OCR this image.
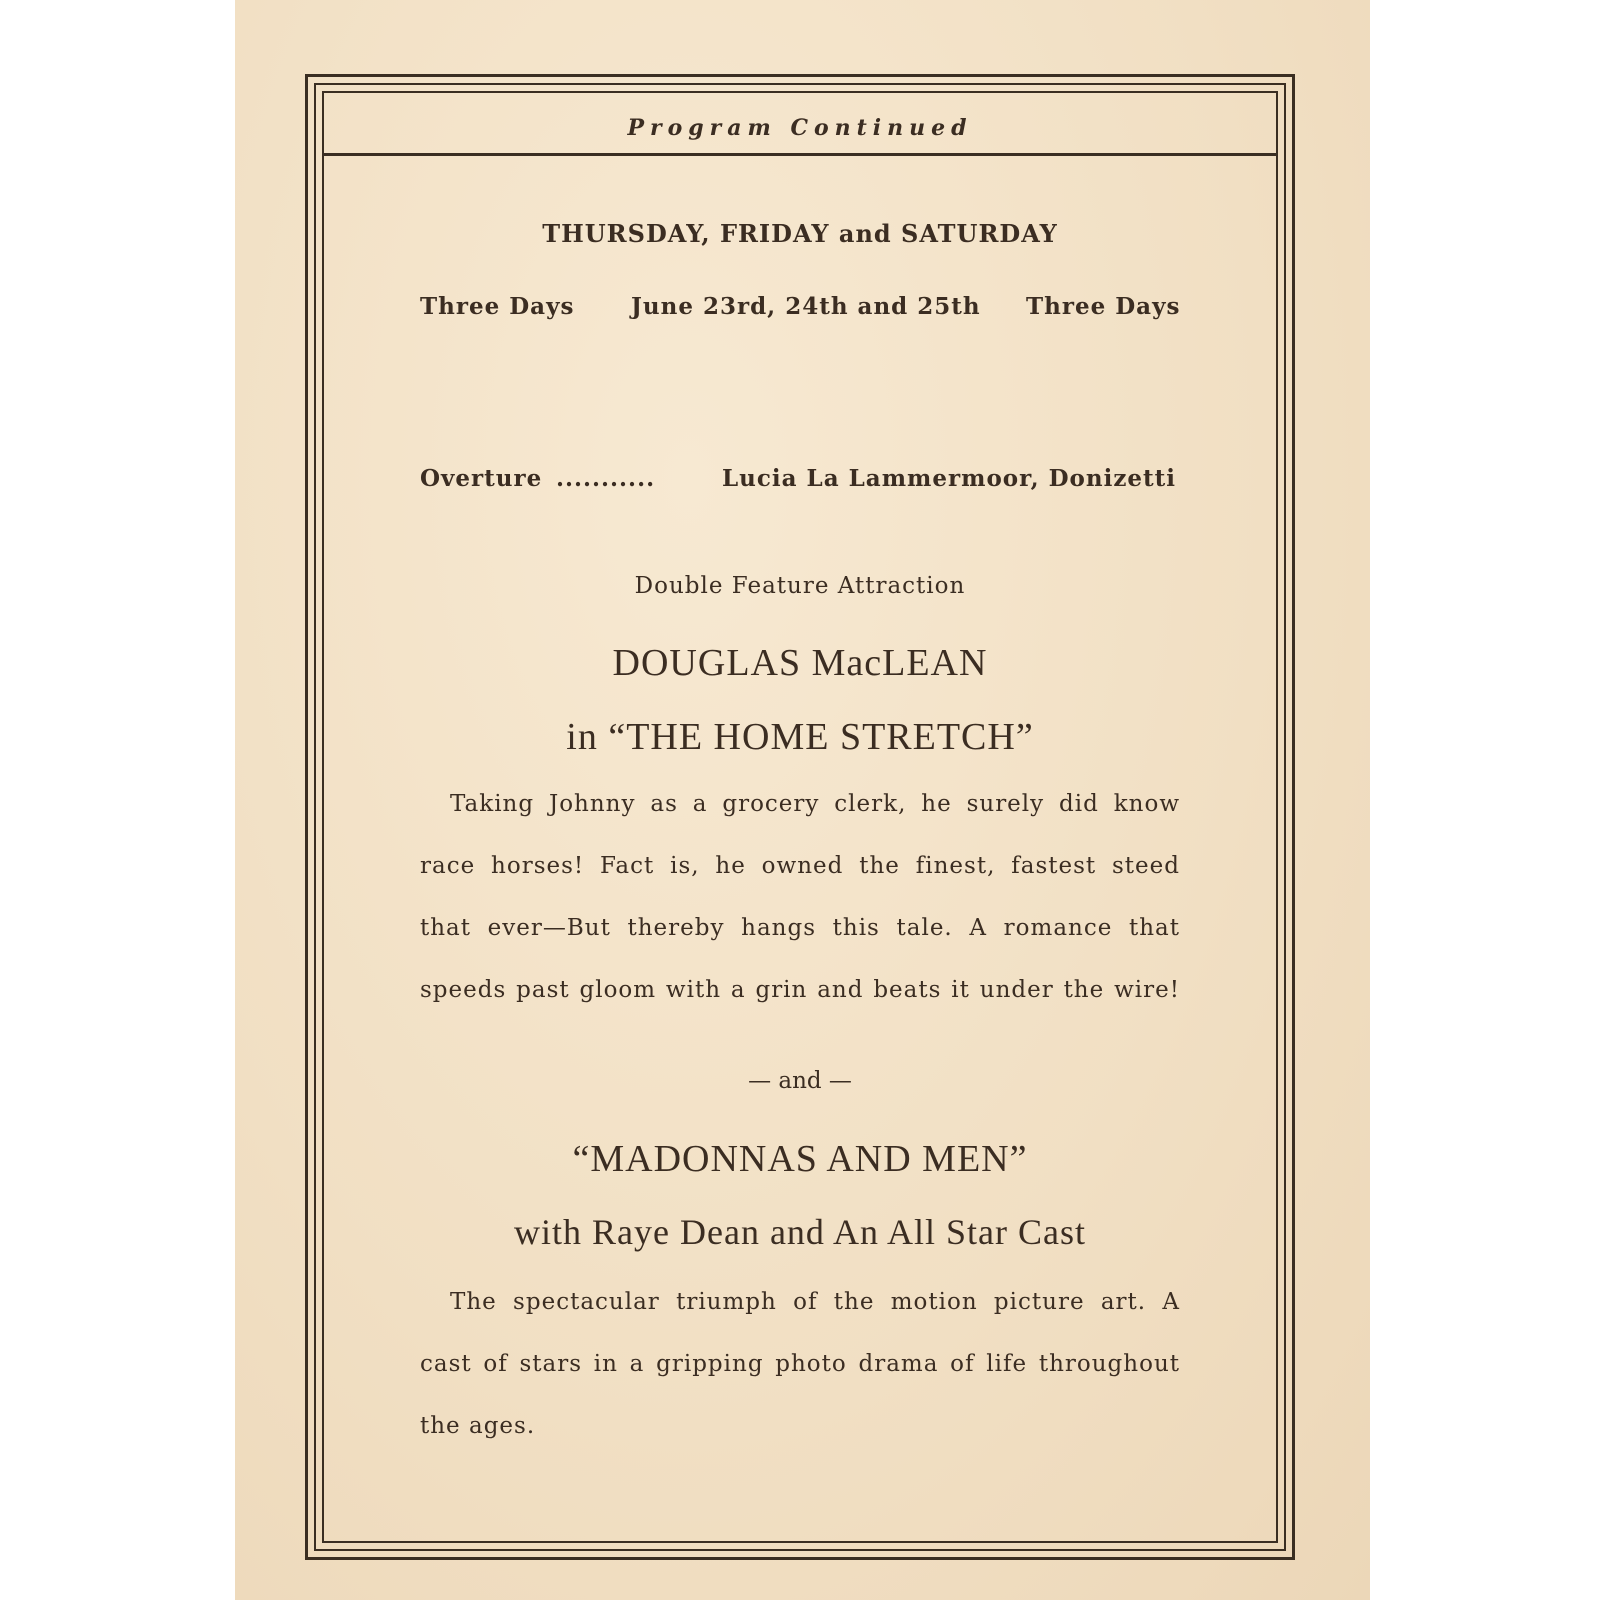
Program Continued
THURSDAY, FRIDAY and SATURDAY
Three Days June 23rd, 24th and 25th Three Days
Overture ...........	Lucia La Lammermoor, Donizetti
Double Feature Attraction
DOUGLAS MacLEAN
in “THE HOME STRETCH”
Taking Johnny as a grocery clerk, he surely did know
race horses! Fact is, he owned the finest, fastest steed
that ever—But thereby hangs this tale. A romance that
speeds past gloom with a grin and beats it under the wire!
— and —
“MADONNAS AND MEN”
with Raye Dean and An All Star Cast
The spectacular triumph of the motion picture art. A
cast of stars in a gripping photo drama of life throughout
the ages.
